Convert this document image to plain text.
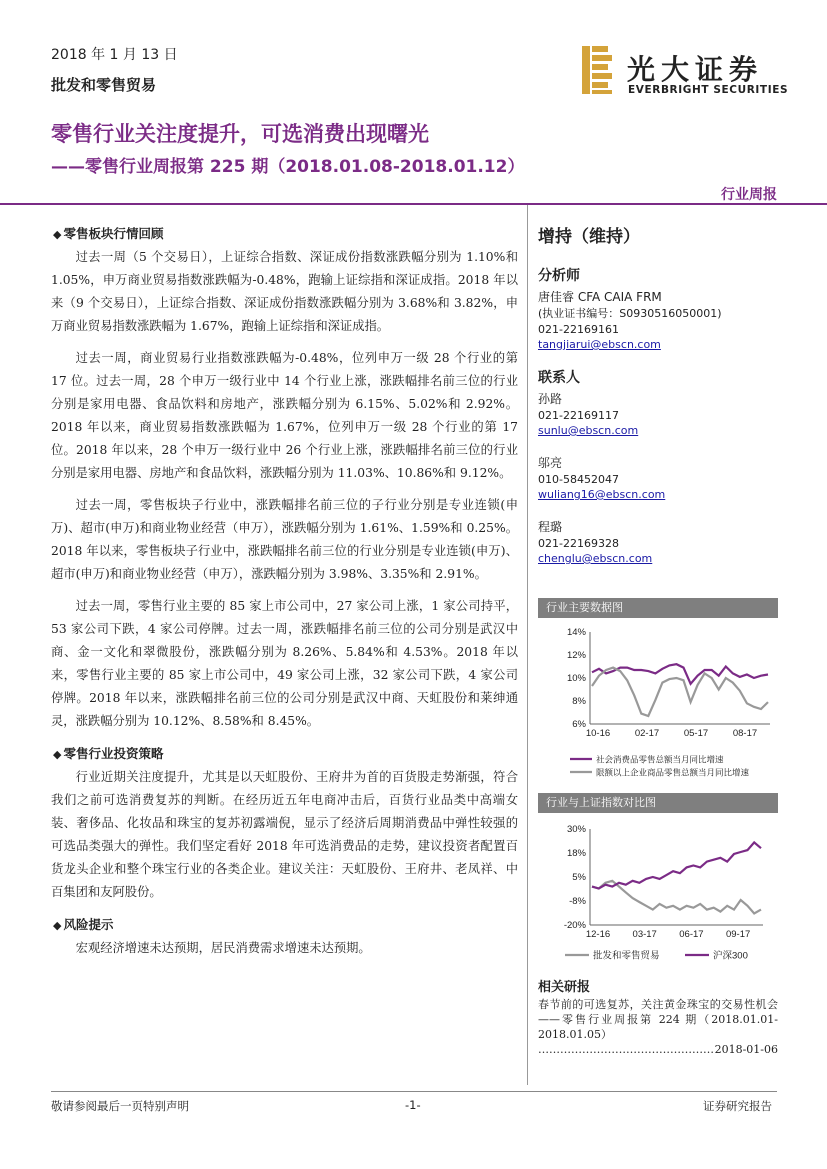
2018 年 1 月 13 日
批发和零售贸易	光大证券
EVERBRIGHT SECURITIES
零售行业关注度提升，可选消费出现曙光
——零售行业周报第 225 期（2018.01.08-2018.01.12）
行业周报
◆ 零售板块行情回顾

过去一周（5 个交易日），上证综合指数、深证成份指数涨跌幅分别为 1.10%和 1.05%，申万商业贸易指数涨跌幅为-0.48%，跑输上证综指和深证成指。2018 年以来（9 个交易日），上证综合指数、深证成份指数涨跌幅分别为 3.68%和 3.82%，申万商业贸易指数涨跌幅为 1.67%，跑输上证综指和深证成指。

过去一周，商业贸易行业指数涨跌幅为-0.48%，位列申万一级 28 个行业的第 17 位。过去一周，28 个申万一级行业中 14 个行业上涨，涨跌幅排名前三位的行业分别是家用电器、食品饮料和房地产，涨跌幅分别为 6.15%、5.02%和 2.92%。2018 年以来，商业贸易指数涨跌幅为 1.67%，位列申万一级 28 个行业的第 17 位。2018 年以来，28 个申万一级行业中 26 个行业上涨，涨跌幅排名前三位的行业分别是家用电器、房地产和食品饮料，涨跌幅分别为 11.03%、10.86%和 9.12%。

过去一周，零售板块子行业中，涨跌幅排名前三位的子行业分别是专业连锁(申万)、超市(申万)和商业物业经营（申万），涨跌幅分别为 1.61%、1.59%和 0.25%。2018 年以来，零售板块子行业中，涨跌幅排名前三位的行业分别是专业连锁(申万)、超市(申万)和商业物业经营（申万），涨跌幅分别为 3.98%、3.35%和 2.91%。

过去一周，零售行业主要的 85 家上市公司中，27 家公司上涨，1 家公司持平，53 家公司下跌，4 家公司停牌。过去一周，涨跌幅排名前三位的公司分别是武汉中商、金一文化和翠微股份，涨跌幅分别为 8.26%、5.84%和 4.53%。2018 年以来，零售行业主要的 85 家上市公司中，49 家公司上涨，32 家公司下跌，4 家公司停牌。2018 年以来，涨跌幅排名前三位的公司分别是武汉中商、天虹股份和莱绅通灵，涨跌幅分别为 10.12%、8.58%和 8.45%。

◆ 零售行业投资策略

行业近期关注度提升，尤其是以天虹股份、王府井为首的百货股走势渐强，符合我们之前可选消费复苏的判断。在经历近五年电商冲击后，百货行业品类中高端女装、奢侈品、化妆品和珠宝的复苏初露端倪，显示了经济后周期消费品中弹性较强的可选品类强大的弹性。我们坚定看好 2018 年可选消费品的走势，建议投资者配置百货龙头企业和整个珠宝行业的各类企业。建议关注：天虹股份、王府井、老凤祥、中百集团和友阿股份。

◆ 风险提示

宏观经济增速未达预期，居民消费需求增速未达预期。

增持（维持）
分析师
唐佳睿 CFA CAIA FRM
(执业证书编号：S0930516050001)
021-22169161
tangjiarui@ebscn.com
联系人
孙路
021-22169117
sunlu@ebscn.com
邬亮
010-58452047
wuliang16@ebscn.com
程璐
021-22169328
chenglu@ebscn.com
行业主要数据图
14%
12%
10%
8%
6%
10-16	02-17	05-17	08-17
社会消费品零售总额当月同比增速
限额以上企业商品零售总额当月同比增速
行业与上证指数对比图
30%
18%
5%
-8%
-20%
12-16 03-17 06-17 09-17
批发和零售贸易	沪深300
相关研报
春节前的可选复苏，关注黄金珠宝的交易性机会——零售行业周报第 224 期（2018.01.01-2018.01.05）
………………………………………… 2018-01-06
敬请参阅最后一页特别声明	-1-	证券研究报告
